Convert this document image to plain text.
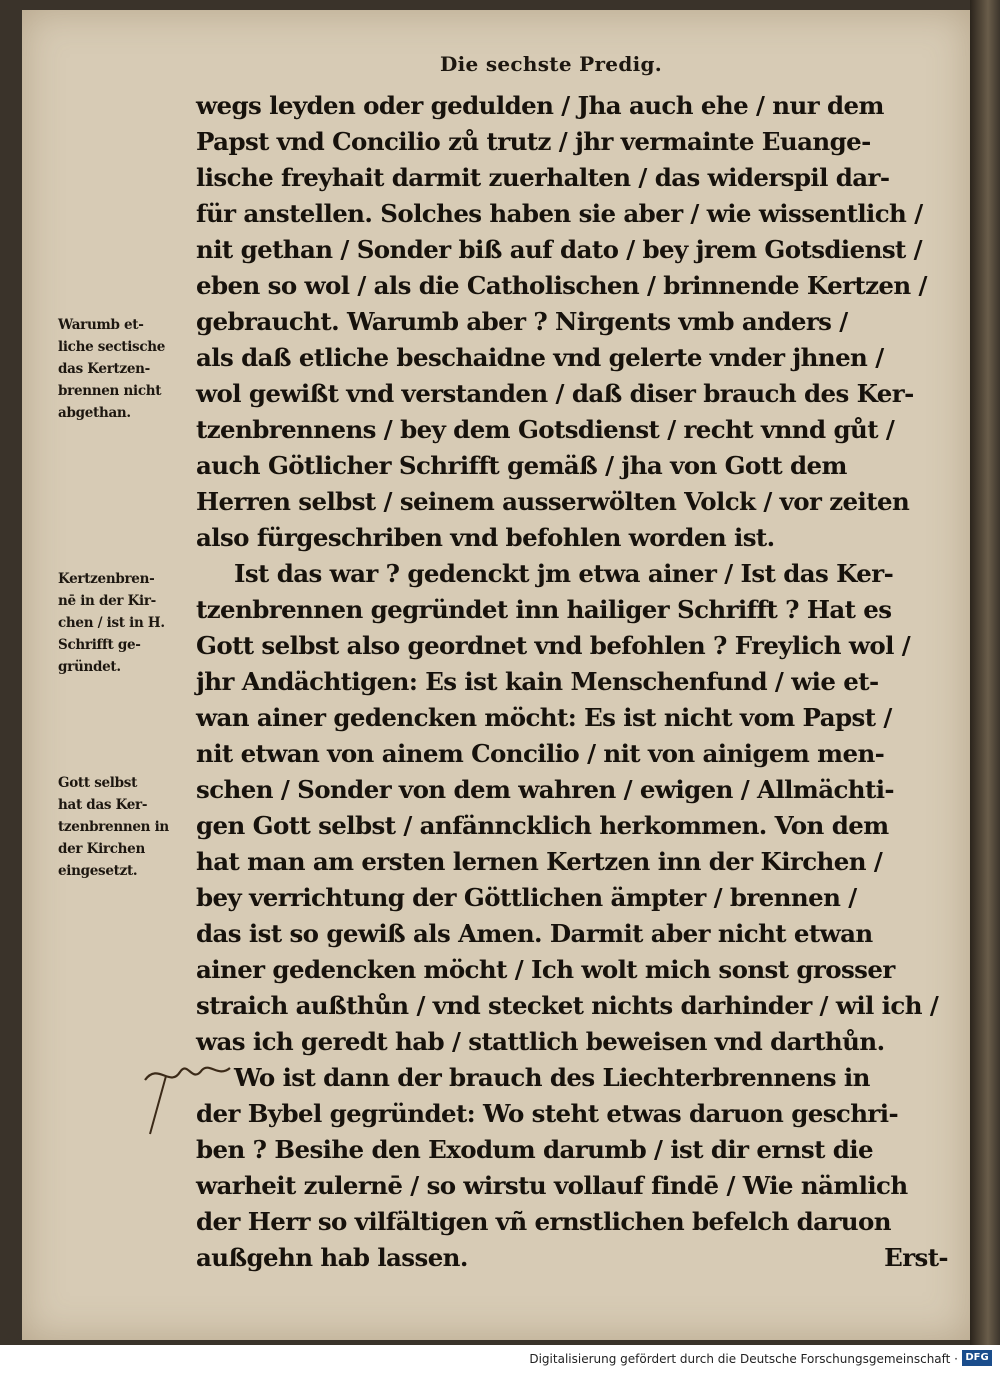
Die sechste Predig.
wegs leyden oder gedulden / Jha auch ehe / nur dem
Papst vnd Concilio zů trutz / jhr vermainte Euange-
lische freyhait darmit zuerhalten / das widerspil dar-
für anstellen. Solches haben sie aber / wie wissentlich /
nit gethan / Sonder biß auf dato / bey jrem Gotsdienst /
eben so wol / als die Catholischen / brinnende Kertzen /
gebraucht. Warumb aber ? Nirgents vmb anders /
als daß etliche beschaidne vnd gelerte vnder jhnen /
wol gewißt vnd verstanden / daß diser brauch des Ker-
tzenbrennens / bey dem Gotsdienst / recht vnnd gůt /
auch Götlicher Schrifft gemäß / jha von Gott dem
Herren selbst / seinem ausserwölten Volck / vor zeiten
also fürgeschriben vnd befohlen worden ist.
Ist das war ? gedenckt jm etwa ainer / Ist das Ker-
tzenbrennen gegründet inn hailiger Schrifft ? Hat es
Gott selbst also geordnet vnd befohlen ? Freylich wol /
jhr Andächtigen: Es ist kain Menschenfund / wie et-
wan ainer gedencken möcht: Es ist nicht vom Papst /
nit etwan von ainem Concilio / nit von ainigem men-
schen / Sonder von dem wahren / ewigen / Allmächti-
gen Gott selbst / anfänncklich herkommen. Von dem
hat man am ersten lernen Kertzen inn der Kirchen /
bey verrichtung der Göttlichen ämpter / brennen /
das ist so gewiß als Amen. Darmit aber nicht etwan
ainer gedencken möcht / Ich wolt mich sonst grosser
straich außthůn / vnd stecket nichts darhinder / wil ich /
was ich geredt hab / stattlich beweisen vnd darthůn.
Wo ist dann der brauch des Liechterbrennens in
der Bybel gegründet: Wo steht etwas daruon geschri-
ben ? Besihe den Exodum darumb / ist dir ernst die
warheit zulernē / so wirstu vollauf findē / Wie nämlich
der Herr so vilfältigen vñ ernstlichen befelch daruon
außgehn hab lassen.	Erst-
Warumb et-
liche sectische
das Kertzen-
brennen nicht
abgethan.
Kertzenbren-
nē in der Kir-
chen / ist in H.
Schrifft ge-
gründet.
Gott selbst
hat das Ker-
tzenbrennen in
der Kirchen
eingesetzt.
Digitalisierung gefördert durch die Deutsche Forschungsgemeinschaft · DFG
